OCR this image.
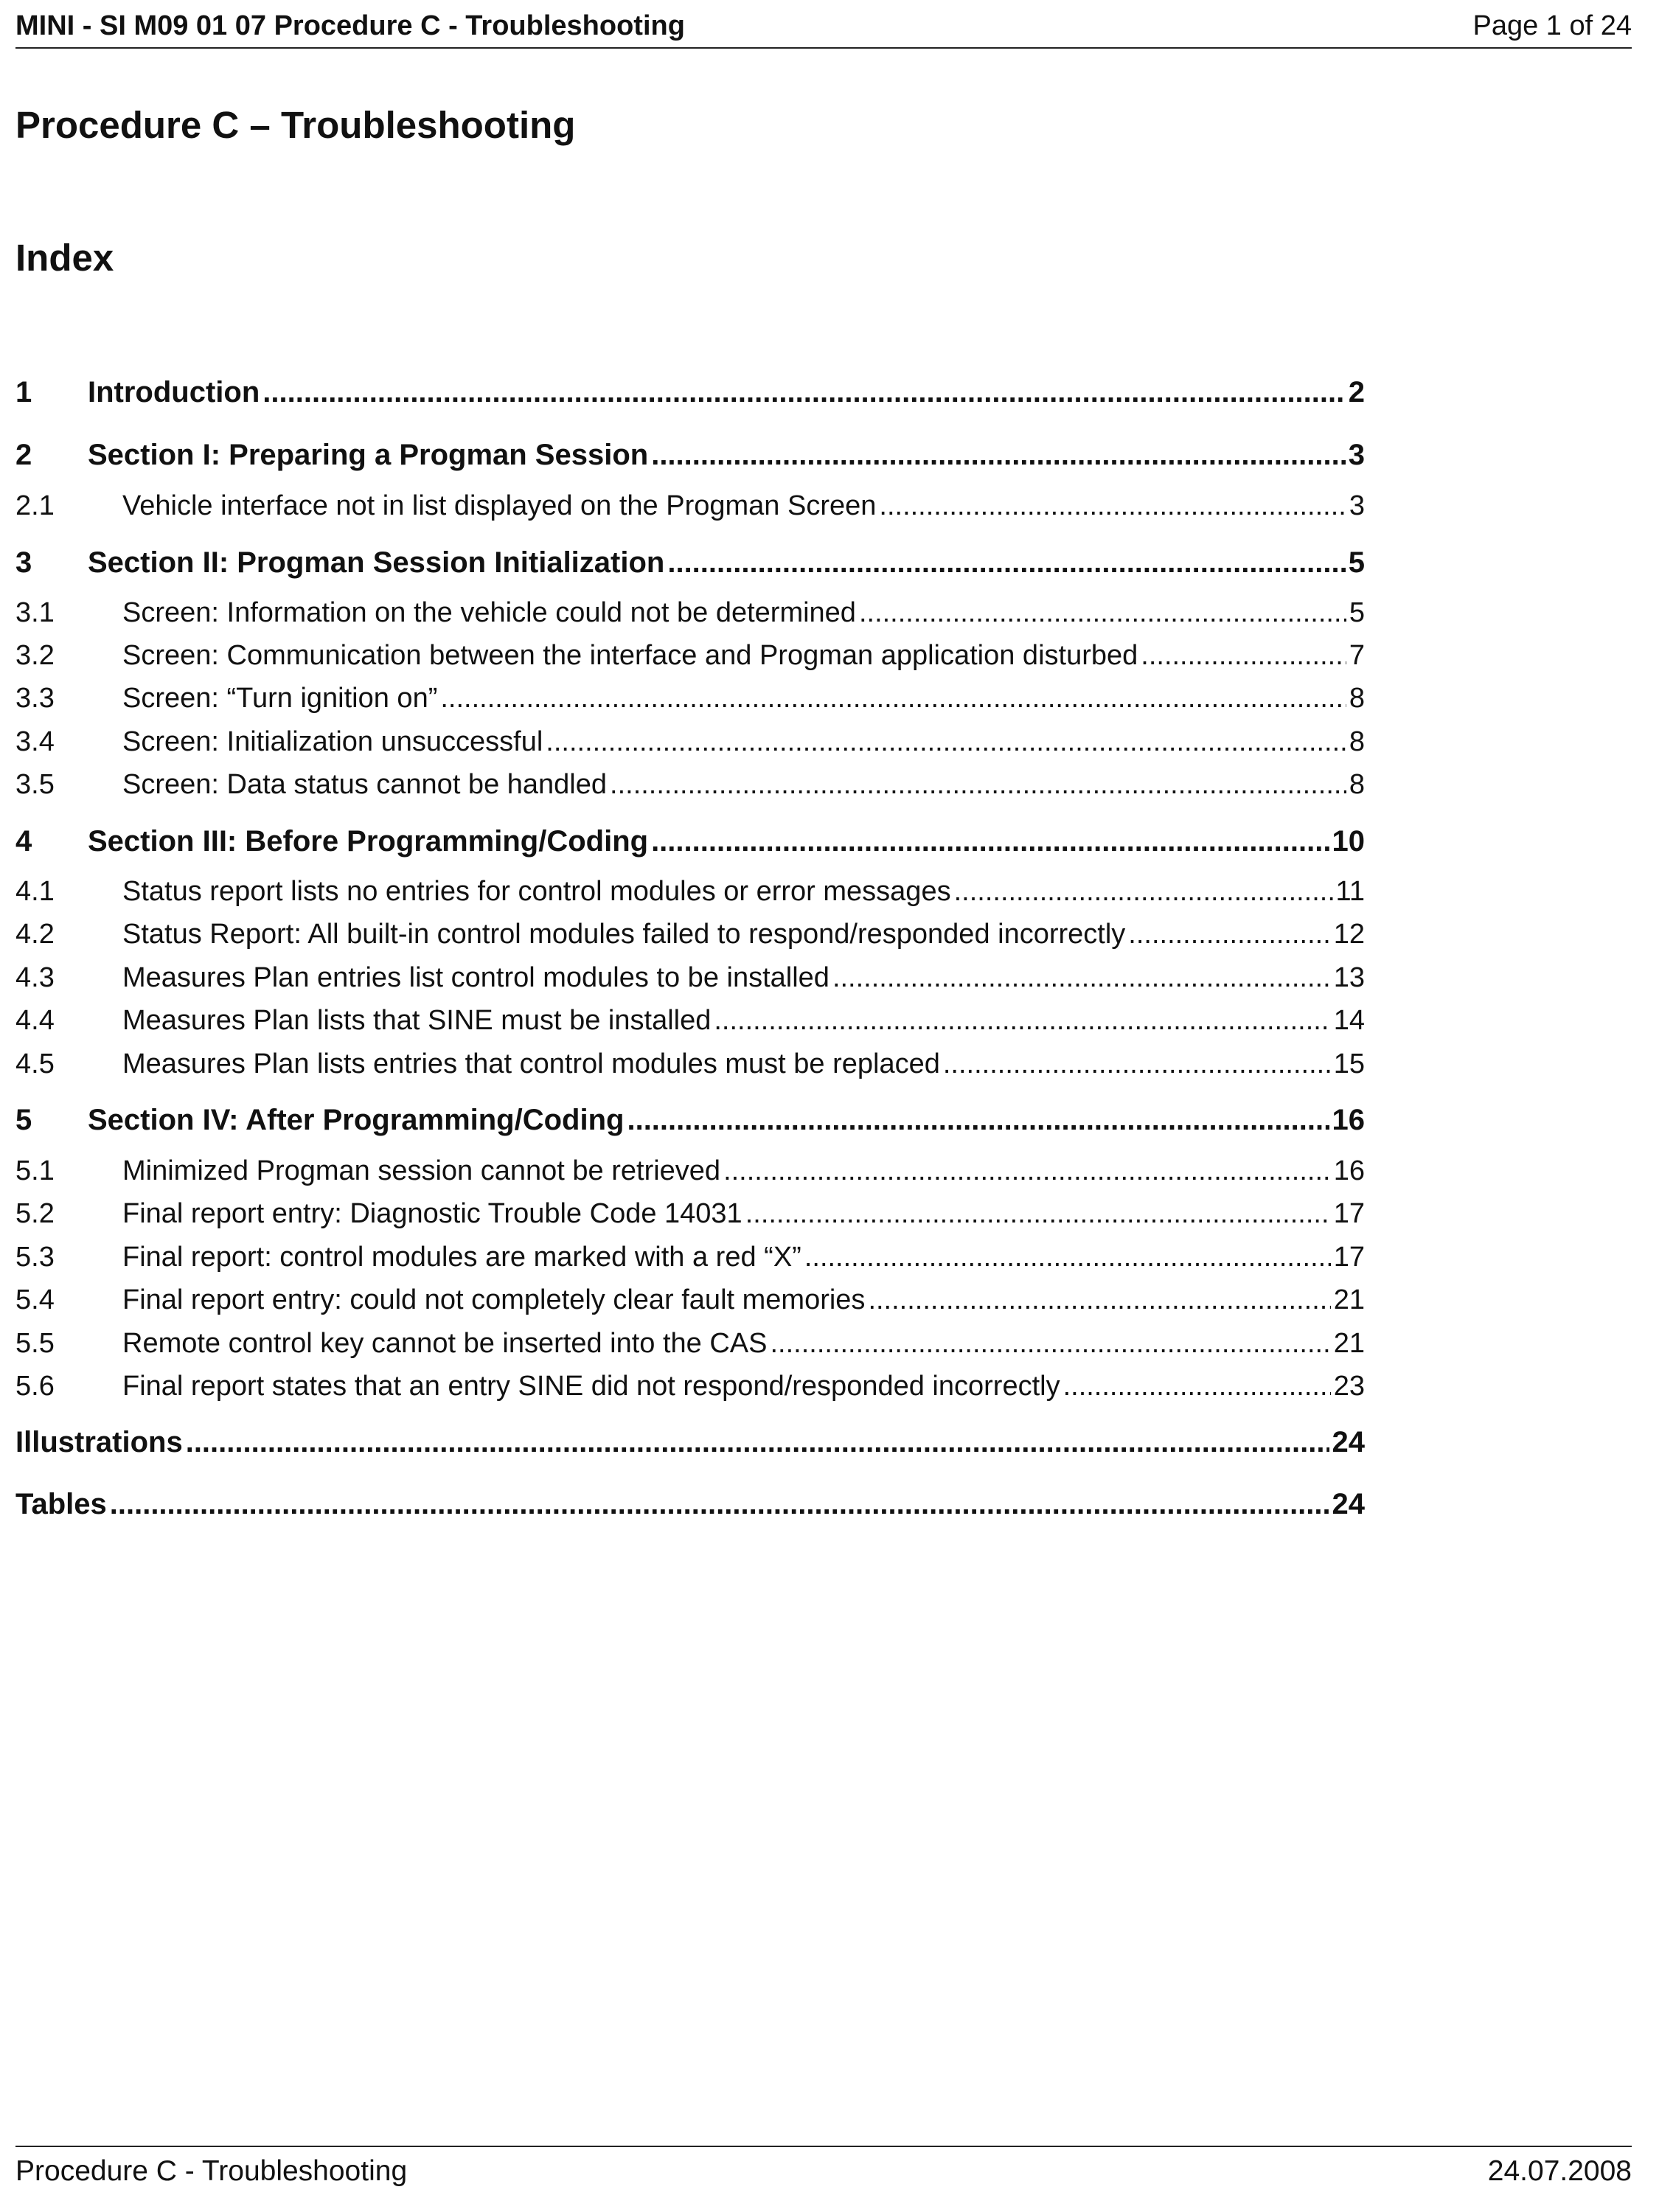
MINI - SI M09 01 07 Procedure C - Troubleshooting	Page 1 of 24
Procedure C – Troubleshooting
Index
1	Introduction .....	2
2	Section I: Preparing a Progman Session .....	3
2.1	Vehicle interface not in list displayed on the Progman Screen .....	3
3	Section II: Progman Session Initialization .....	5
3.1	Screen: Information on the vehicle could not be determined .....	5
3.2	Screen: Communication between the interface and Progman application disturbed .....	7
3.3	Screen: “Turn ignition on” .....	8
3.4	Screen: Initialization unsuccessful .....	8
3.5	Screen: Data status cannot be handled .....	8
4	Section III: Before Programming/Coding .....	10
4.1	Status report lists no entries for control modules or error messages .....	11
4.2	Status Report: All built-in control modules failed to respond/responded incorrectly .....	12
4.3	Measures Plan entries list control modules to be installed .....	13
4.4	Measures Plan lists that SINE must be installed .....	14
4.5	Measures Plan lists entries that control modules must be replaced .....	15
5	Section IV: After Programming/Coding .....	16
5.1	Minimized Progman session cannot be retrieved .....	16
5.2	Final report entry: Diagnostic Trouble Code 14031 .....	17
5.3	Final report: control modules are marked with a red “X” .....	17
5.4	Final report entry: could not completely clear fault memories .....	21
5.5	Remote control key cannot be inserted into the CAS .....	21
5.6	Final report states that an entry SINE did not respond/responded incorrectly .....	23
Illustrations .....	24
Tables .....	24
Procedure C - Troubleshooting	24.07.2008
